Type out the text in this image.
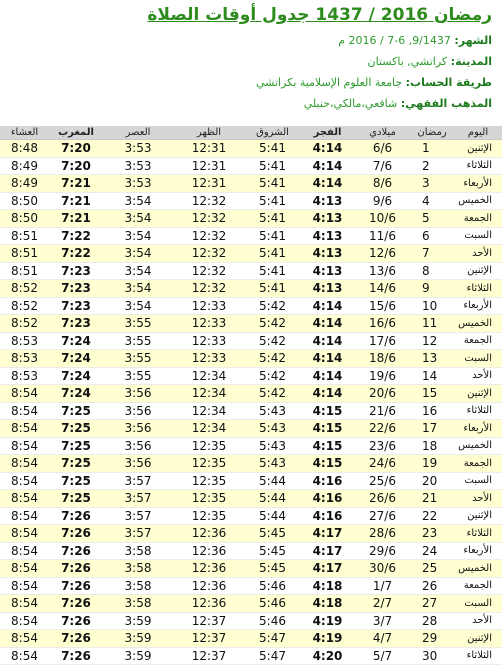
رمضان 2016 / 1437 جدول أوقات الصلاة
الشهر: 9/1437, 6-7 / 2016 م
المدينة: كراتشي, باكستان
طريقة الحساب: جامعة العلوم الإسلامية بكراتشي
المذهب الفقهي: شافعي،مالكي،حنبلي
العشاء	المغرب	العصر	الظهر	الشروق	الفجر	ميلادي	رمضان	اليوم
8:48	7:20	3:53	12:31	5:41	4:14	6/6	1	الإثنين
8:49	7:20	3:53	12:31	5:41	4:14	7/6	2	الثلاثاء
8:49	7:21	3:53	12:31	5:41	4:14	8/6	3	الأربعاء
8:50	7:21	3:54	12:32	5:41	4:13	9/6	4	الخميس
8:50	7:21	3:54	12:32	5:41	4:13	10/6	5	الجمعة
8:51	7:22	3:54	12:32	5:41	4:13	11/6	6	السبت
8:51	7:22	3:54	12:32	5:41	4:13	12/6	7	الأحد
8:51	7:23	3:54	12:32	5:41	4:13	13/6	8	الإثنين
8:52	7:23	3:54	12:32	5:41	4:13	14/6	9	الثلاثاء
8:52	7:23	3:54	12:33	5:42	4:14	15/6	10	الأربعاء
8:52	7:23	3:55	12:33	5:42	4:14	16/6	11	الخميس
8:53	7:24	3:55	12:33	5:42	4:14	17/6	12	الجمعة
8:53	7:24	3:55	12:33	5:42	4:14	18/6	13	السبت
8:53	7:24	3:55	12:34	5:42	4:14	19/6	14	الأحد
8:54	7:24	3:56	12:34	5:42	4:14	20/6	15	الإثنين
8:54	7:25	3:56	12:34	5:43	4:15	21/6	16	الثلاثاء
8:54	7:25	3:56	12:34	5:43	4:15	22/6	17	الأربعاء
8:54	7:25	3:56	12:35	5:43	4:15	23/6	18	الخميس
8:54	7:25	3:56	12:35	5:43	4:15	24/6	19	الجمعة
8:54	7:25	3:57	12:35	5:44	4:16	25/6	20	السبت
8:54	7:25	3:57	12:35	5:44	4:16	26/6	21	الأحد
8:54	7:26	3:57	12:35	5:44	4:16	27/6	22	الإثنين
8:54	7:26	3:57	12:36	5:45	4:17	28/6	23	الثلاثاء
8:54	7:26	3:58	12:36	5:45	4:17	29/6	24	الأربعاء
8:54	7:26	3:58	12:36	5:45	4:17	30/6	25	الخميس
8:54	7:26	3:58	12:36	5:46	4:18	1/7	26	الجمعة
8:54	7:26	3:58	12:36	5:46	4:18	2/7	27	السبت
8:54	7:26	3:59	12:37	5:46	4:19	3/7	28	الأحد
8:54	7:26	3:59	12:37	5:47	4:19	4/7	29	الإثنين
8:54	7:26	3:59	12:37	5:47	4:20	5/7	30	الثلاثاء
